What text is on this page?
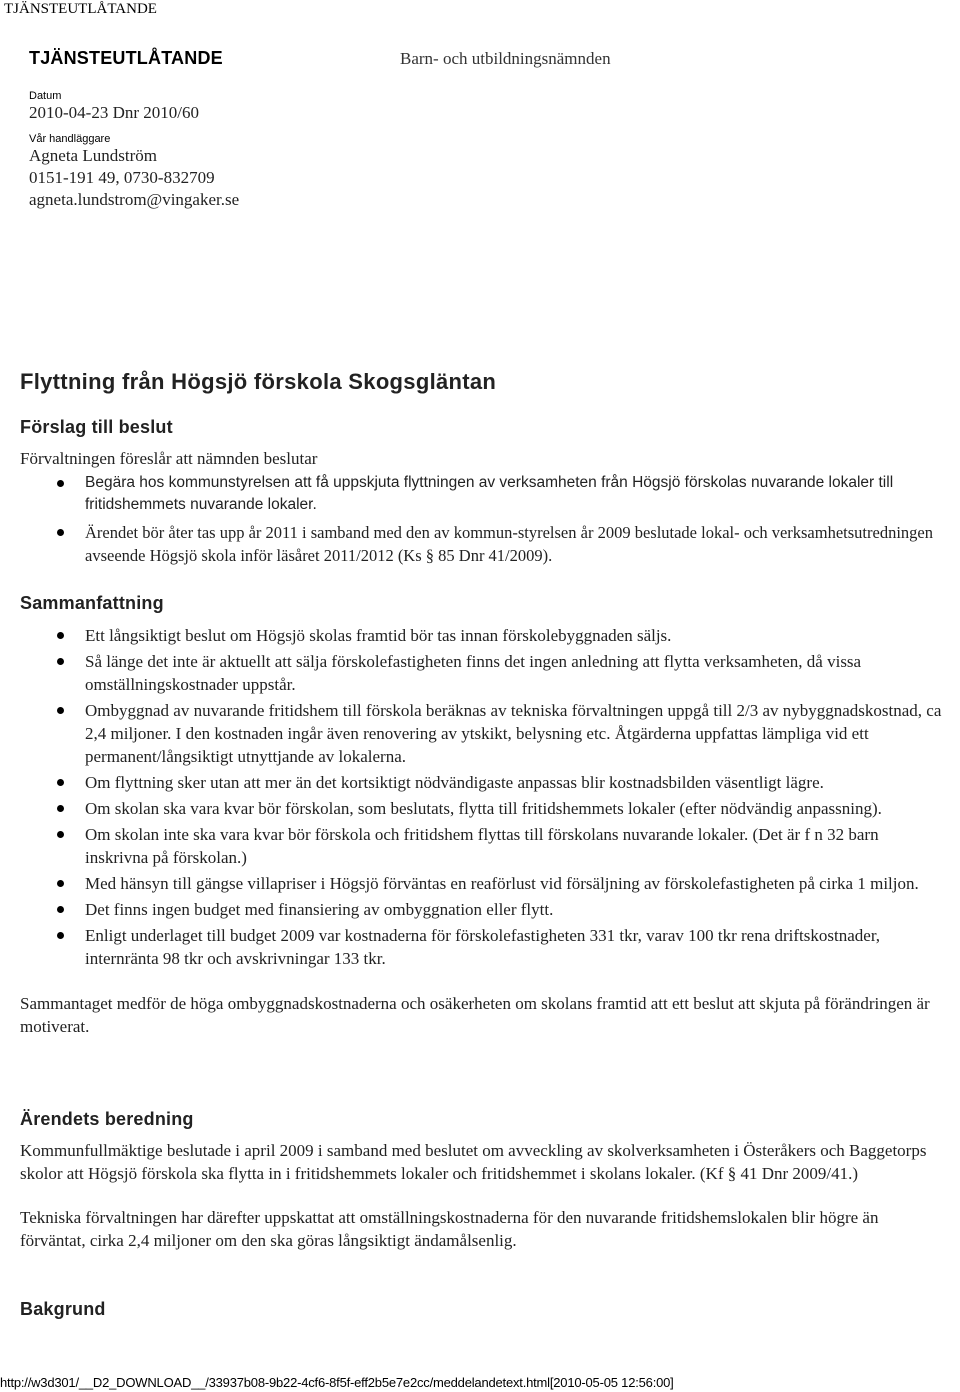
TJÄNSTEUTLÅTANDE
TJÄNSTEUTLÅTANDE	Barn- och utbildningsnämnden
Datum
2010-04-23 Dnr 2010/60
Vår handläggare
Agneta Lundström
0151-191 49, 0730-832709
agneta.lundstrom@vingaker.se
Flyttning från Högsjö förskola Skogsgläntan
Förslag till beslut
Förvaltningen föreslår att nämnden beslutar
Begära hos kommunstyrelsen att få uppskjuta flyttningen av verksamheten från Högsjö förskolas nuvarande lokaler till fritidshemmets nuvarande lokaler.
Ärendet bör åter tas upp år 2011 i samband med den av kommun-styrelsen år 2009 beslutade lokal- och verksamhetsutredningen avseende Högsjö skola inför läsåret 2011/2012 (Ks § 85 Dnr 41/2009).
Sammanfattning
Ett långsiktigt beslut om Högsjö skolas framtid bör tas innan förskolebyggnaden säljs.
Så länge det inte är aktuellt att sälja förskolefastigheten finns det ingen anledning att flytta verksamheten, då vissa omställningskostnader uppstår.
Ombyggnad av nuvarande fritidshem till förskola beräknas av tekniska förvaltningen uppgå till 2/3 av nybyggnadskostnad, ca 2,4 miljoner. I den kostnaden ingår även renovering av ytskikt, belysning etc. Åtgärderna uppfattas lämpliga vid ett permanent/långsiktigt utnyttjande av lokalerna.
Om flyttning sker utan att mer än det kortsiktigt nödvändigaste anpassas blir kostnadsbilden väsentligt lägre.
Om skolan ska vara kvar bör förskolan, som beslutats, flytta till fritidshemmets lokaler (efter nödvändig anpassning).
Om skolan inte ska vara kvar bör förskola och fritidshem flyttas till förskolans nuvarande lokaler. (Det är f n 32 barn inskrivna på förskolan.)
Med hänsyn till gängse villapriser i Högsjö förväntas en reaförlust vid försäljning av förskolefastigheten på cirka 1 miljon.
Det finns ingen budget med finansiering av ombyggnation eller flytt.
Enligt underlaget till budget 2009 var kostnaderna för förskolefastigheten 331 tkr, varav 100 tkr rena driftskostnader, internränta 98 tkr och avskrivningar 133 tkr.
Sammantaget medför de höga ombyggnadskostnaderna och osäkerheten om skolans framtid att ett beslut att skjuta på förändringen är motiverat.
Ärendets beredning
Kommunfullmäktige beslutade i april 2009 i samband med beslutet om avveckling av skolverksamheten i Österåkers och Baggetorps skolor att Högsjö förskola ska flytta in i fritidshemmets lokaler och fritidshemmet i skolans lokaler. (Kf § 41 Dnr 2009/41.)
Tekniska förvaltningen har därefter uppskattat att omställningskostnaderna för den nuvarande fritidshemslokalen blir högre än förväntat, cirka 2,4 miljoner om den ska göras långsiktigt ändamålsenlig.
Bakgrund
http://w3d301/__D2_DOWNLOAD__/33937b08-9b22-4cf6-8f5f-eff2b5e7e2cc/meddelandetext.html[2010-05-05 12:56:00]
